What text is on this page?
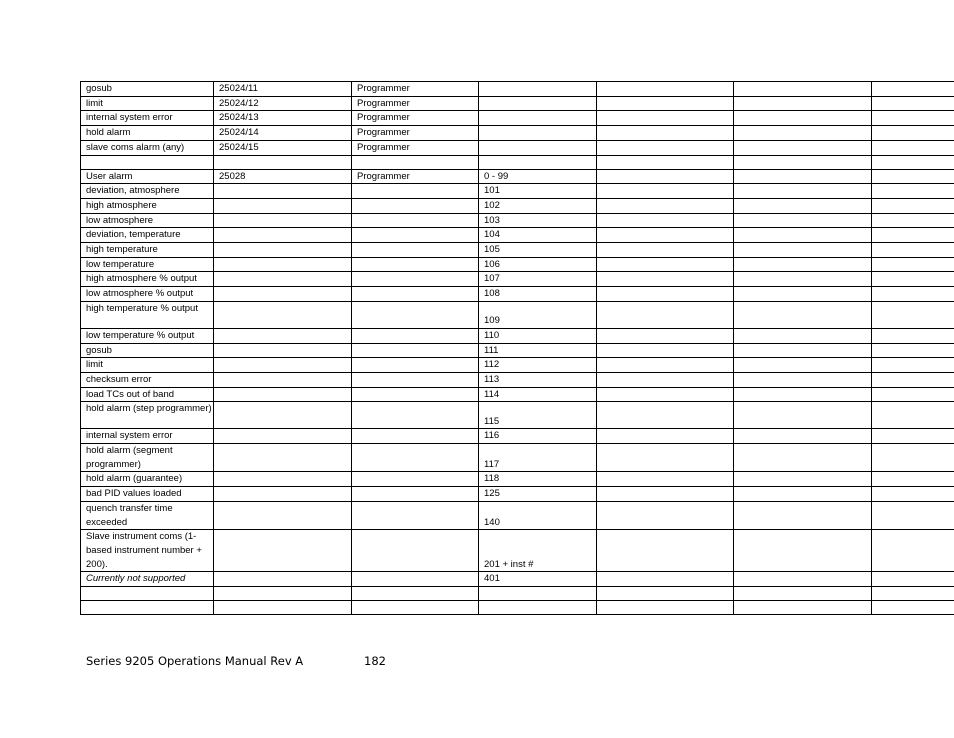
gosub	25024/11	Programmer				
limit	25024/12	Programmer				
internal system error	25024/13	Programmer				
hold alarm	25024/14	Programmer				
slave coms alarm (any)	25024/15	Programmer				

User alarm	25028	Programmer	0 - 99			
deviation, atmosphere			101			
high atmosphere			102			
low atmosphere			103			
deviation, temperature			104			
high temperature			105			
low temperature			106			
high atmosphere % output			107			
low atmosphere % output			108			
high temperature % output			109			
low temperature % output			110			
gosub			111			
limit			112			
checksum error			113			
load TCs out of band			114			
hold alarm (step programmer)			115			
internal system error			116			
hold alarm (segment programmer)			117			
hold alarm (guarantee)			118			
bad PID values loaded			125			
quench transfer time exceeded			140			
Slave instrument coms (1-based instrument number + 200).			201 + inst #			
Currently not supported			401			

Series 9205 Operations Manual Rev A	182
